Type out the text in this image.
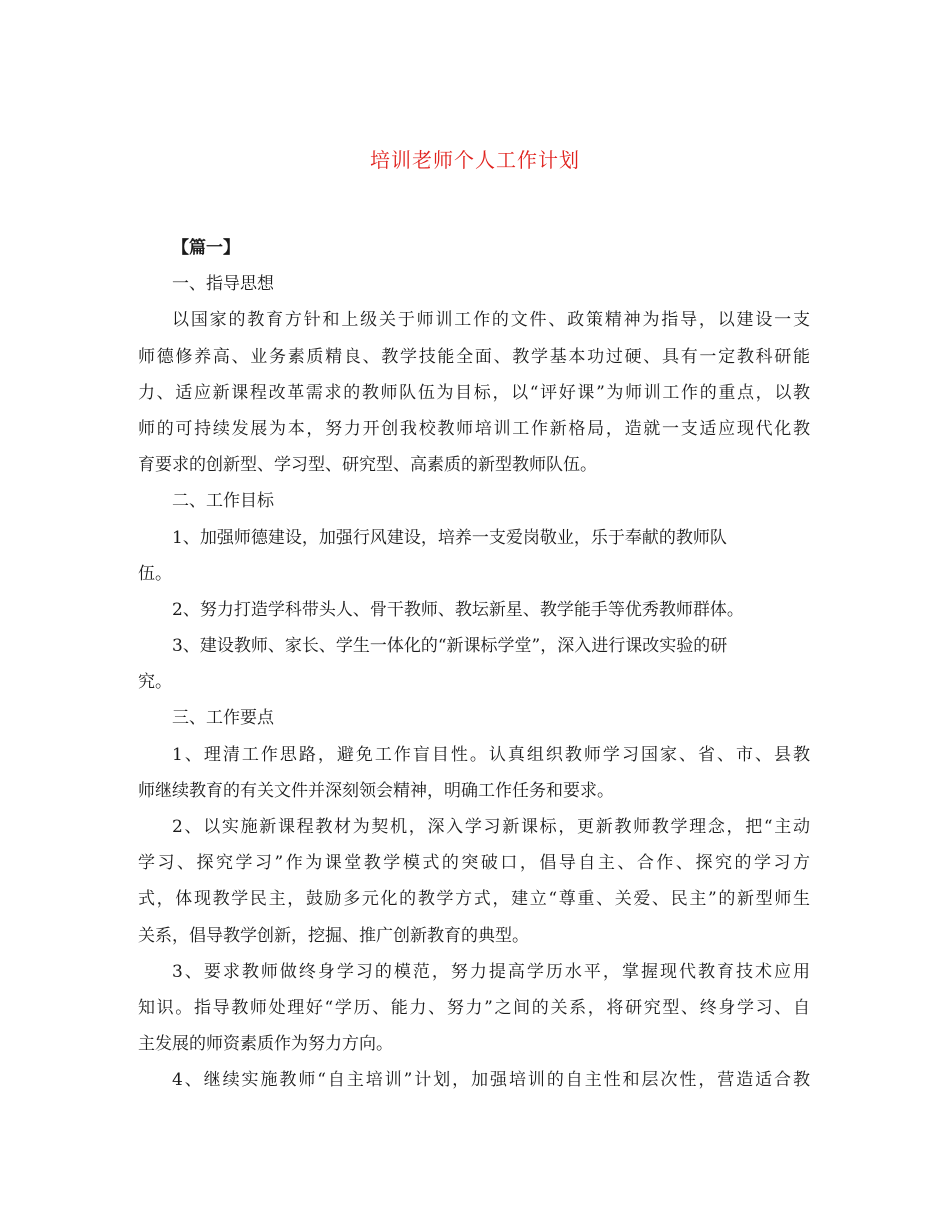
培训老师个人工作计划
【篇一】
一、指导思想
以国家的教育方针和上级关于师训工作的文件、政策精神为指导，以建设一支
师德修养高、业务素质精良、教学技能全面、教学基本功过硬、具有一定教科研能
力、适应新课程改革需求的教师队伍为目标，以“评好课”为师训工作的重点，以教
师的可持续发展为本，努力开创我校教师培训工作新格局，造就一支适应现代化教
育要求的创新型、学习型、研究型、高素质的新型教师队伍。
二、工作目标
1、加强师德建设，加强行风建设，培养一支爱岗敬业，乐于奉献的教师队
伍。
2、努力打造学科带头人、骨干教师、教坛新星、教学能手等优秀教师群体。
3、建设教师、家长、学生一体化的“新课标学堂”，深入进行课改实验的研
究。
三、工作要点
1、理清工作思路，避免工作盲目性。认真组织教师学习国家、省、市、县教
师继续教育的有关文件并深刻领会精神，明确工作任务和要求。
2、以实施新课程教材为契机，深入学习新课标，更新教师教学理念，把“主动
学习、探究学习”作为课堂教学模式的突破口，倡导自主、合作、探究的学习方
式，体现教学民主，鼓励多元化的教学方式，建立“尊重、关爱、民主”的新型师生
关系，倡导教学创新，挖掘、推广创新教育的典型。
3、要求教师做终身学习的模范，努力提高学历水平，掌握现代教育技术应用
知识。指导教师处理好“学历、能力、努力”之间的关系，将研究型、终身学习、自
主发展的师资素质作为努力方向。
4、继续实施教师“自主培训”计划，加强培训的自主性和层次性，营造适合教
